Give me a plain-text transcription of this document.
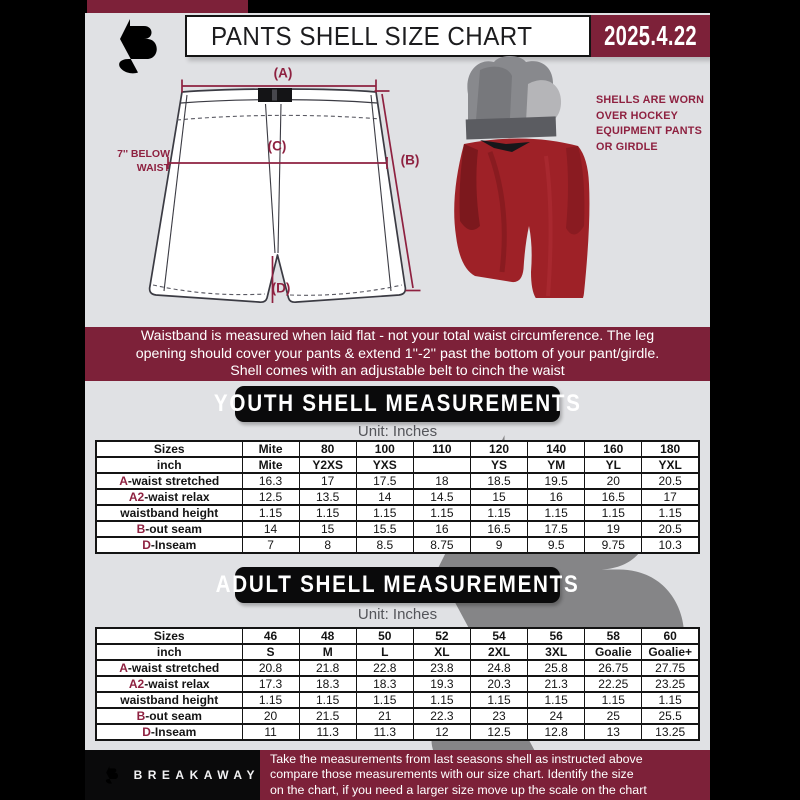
PANTS SHELL SIZE CHART	2025.4.22
(A)
(B)
(C)
(D)
7'' BELOW
WAIST
SHELLS ARE WORN
OVER HOCKEY
EQUIPMENT PANTS
OR GIRDLE
Waistband is measured when laid flat - not your total waist circumference. The leg
opening should cover your pants & extend 1''-2'' past the bottom of your pant/girdle.
Shell comes with an adjustable belt to cinch the waist
YOUTH SHELL MEASUREMENTS
Unit: Inches
Sizes	Mite	80	100	110	120	140	160	180
inch	Mite	Y2XS	YXS		YS	YM	YL	YXL
A-waist stretched	16.3	17	17.5	18	18.5	19.5	20	20.5
A2-waist relax	12.5	13.5	14	14.5	15	16	16.5	17
waistband height	1.15	1.15	1.15	1.15	1.15	1.15	1.15	1.15
B-out seam	14	15	15.5	16	16.5	17.5	19	20.5
D-Inseam	7	8	8.5	8.75	9	9.5	9.75	10.3
ADULT SHELL MEASUREMENTS
Unit: Inches
Sizes	46	48	50	52	54	56	58	60
inch	S	M	L	XL	2XL	3XL	Goalie	Goalie+
A-waist stretched	20.8	21.8	22.8	23.8	24.8	25.8	26.75	27.75
A2-waist relax	17.3	18.3	18.3	19.3	20.3	21.3	22.25	23.25
waistband height	1.15	1.15	1.15	1.15	1.15	1.15	1.15	1.15
B-out seam	20	21.5	21	22.3	23	24	25	25.5
D-Inseam	11	11.3	11.3	12	12.5	12.8	13	13.25
BREAKAWAY
Take the measurements from last seasons shell as instructed above
compare those measurements with our size chart. Identify the size
on the chart, if you need a larger size move up the scale on the chart
